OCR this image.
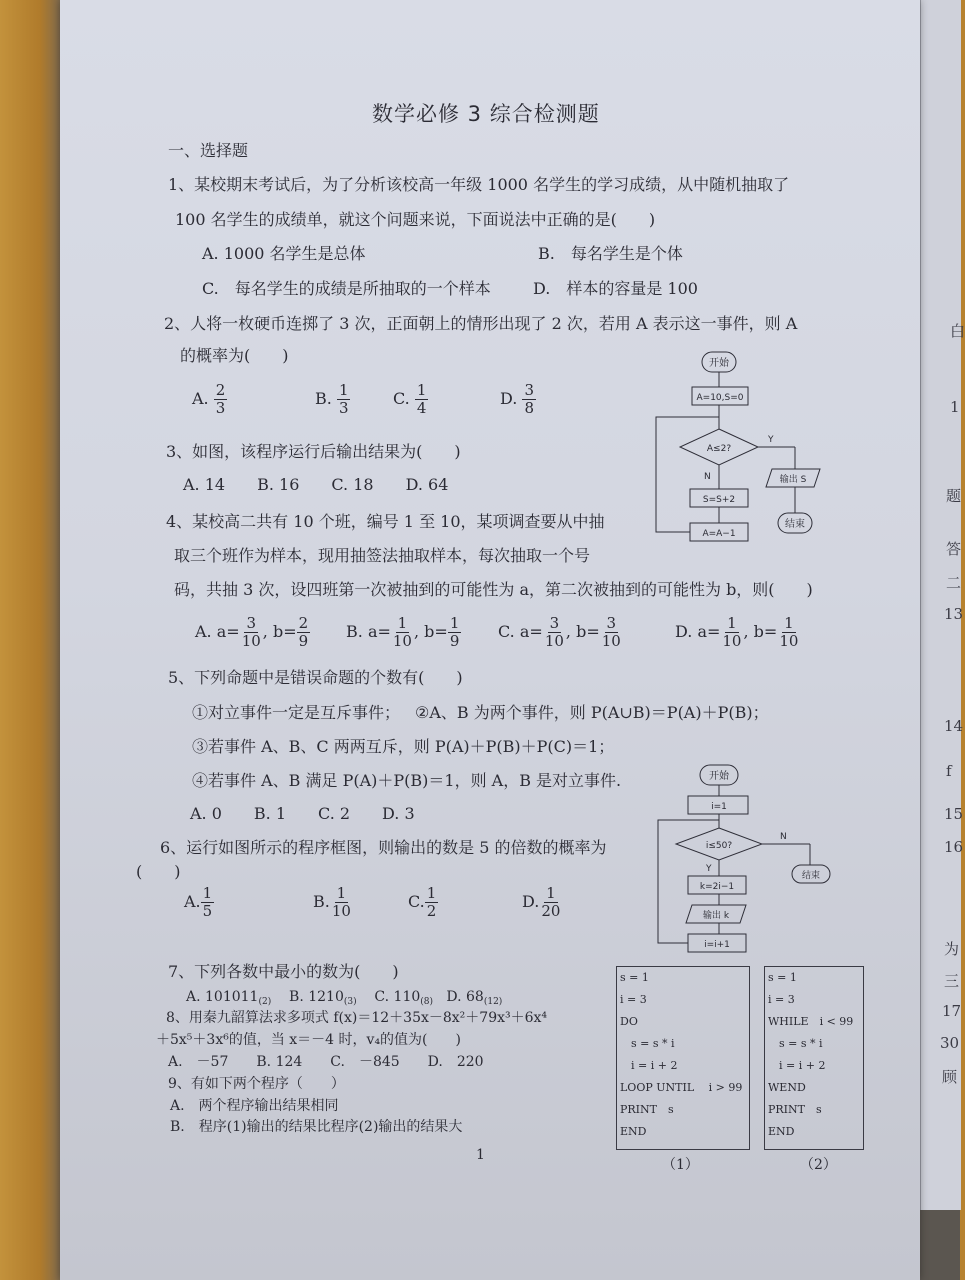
数学必修 3 综合检测题
一、选择题
1、某校期末考试后，为了分析该校高一年级 1000 名学生的学习成绩，从中随机抽取了
100 名学生的成绩单，就这个问题来说，下面说法中正确的是(　　)
A. 1000 名学生是总体	B.　每名学生是个体
C.　每名学生的成绩是所抽取的一个样本	D.　样本的容量是 100
2、人将一枚硬币连掷了 3 次，正面朝上的情形出现了 2 次，若用 A 表示这一事件，则 A
的概率为(　　)
A. $\frac{2}{3}$	B. $\frac{1}{3}$	C. $\frac{1}{4}$	D. $\frac{3}{8}$
3、如图，该程序运行后输出结果为(　　)
A. 14　　B. 16　　C. 18　　D. 64
4、某校高二共有 10 个班，编号 1 至 10，某项调查要从中抽
取三个班作为样本，现用抽签法抽取样本，每次抽取一个号
码，共抽 3 次，设四班第一次被抽到的可能性为 a，第二次被抽到的可能性为 b，则(　　)
A. $a= \frac{3}{10}$ , $b= \frac{2}{9} B$. $a= \frac{1}{10}$ , $b= \frac{1}{9} C$. $a= \frac{3}{10}$ , $b= \frac{3}{10}$	D. $a= \frac{1}{10}$ , $b= \frac{1}{10}$
5、下列命题中是错误命题的个数有(　　)
①对立事件一定是互斥事件； ②A、B 为两个事件，则 P(A∪B)＝P(A)＋P(B)；
③若事件 A、B、C 两两互斥，则 P(A)＋P(B)＋P(C)＝1；
④若事件 A、B 满足 P(A)＋P(B)＝1，则 A，B 是对立事件.
A. 0　　B. 1　　C. 2　　D. 3
6、运行如图所示的程序框图，则输出的数是 5 的倍数的概率为
(　　)
A. $\frac{1}{5}$	B. $\frac{1}{10}$	C. $\frac{1}{2}$	D. $\frac{1}{20}$
7、下列各数中最小的数为(　　)
A. $101011_{(2)}$ B. $1210_{(3)}$ C. $110_{(8)}$ D. $68_{(12)}$
8、用秦九韶算法求多项式 f(x)＝12＋35x－8x²＋79x³＋6x⁴
＋5x⁵＋3x⁶的值，当 x＝－4 时，v₄的值为(　　)
A.　－57　　B. 124　　C.　－845　　D.　220
9、有如下两个程序（　　）
A.　两个程序输出结果相同
B.　程序(1)输出的结果比程序(2)输出的结果大
1
开始
A=10,S=0
A≤2?
Y
N	输出 S
S=S+2
A=A−1
结束
开始
i=1
i≤50?
N
Y
结束
k=2i−1
输出 k
i=i+1
s = 1
i = 3
DO
　s = s * i
　i = i + 2
LOOP UNTIL　 i > 99
PRINT　s
END
（1）
s = 1
i = 3
WHILE　i < 99
　s = s * i
　i = i + 2
WEND
PRINT　s
END
（2）
白
1
题
答
二
13
14
f
15
16
为
三
17
30
顾
